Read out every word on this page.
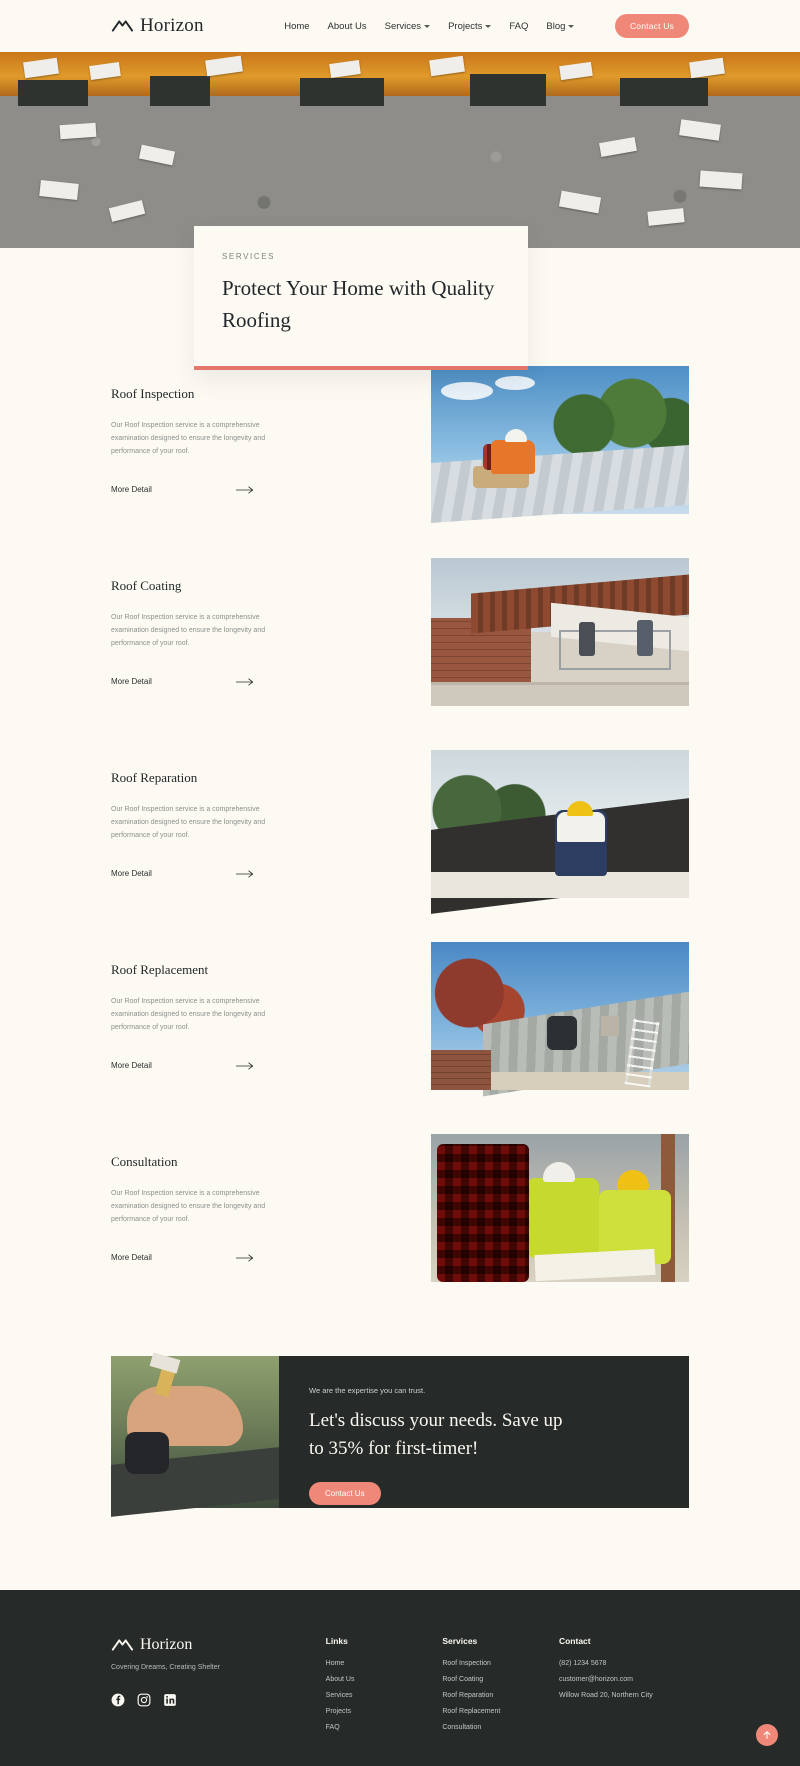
Horizon	Home About Us Services	Projects	FAQ Blog	Contact Us
SERVICES
Protect Your Home with Quality Roofing
Roof Inspection
Our Roof Inspection service is a comprehensive examination designed to ensure the longevity and performance of your roof.
More Detail
Roof Coating
Our Roof Inspection service is a comprehensive examination designed to ensure the longevity and performance of your roof.
More Detail
Roof Reparation
Our Roof Inspection service is a comprehensive examination designed to ensure the longevity and performance of your roof.
More Detail
Roof Replacement
Our Roof Inspection service is a comprehensive examination designed to ensure the longevity and performance of your roof.
More Detail
Consultation
Our Roof Inspection service is a comprehensive examination designed to ensure the longevity and performance of your roof.
More Detail
We are the expertise you can trust.
Let's discuss your needs. Save up to 35% for first-timer!
Contact Us
Horizon
Covering Dreams, Creating Shelter
Links
Home
About Us
Services
Projects
FAQ
Services
Roof Inspection
Roof Coating
Roof Reparation
Roof Replacement
Consultation
Contact
(82) 1234 5678
customer@horizon.com
Willow Road 20, Northern City
